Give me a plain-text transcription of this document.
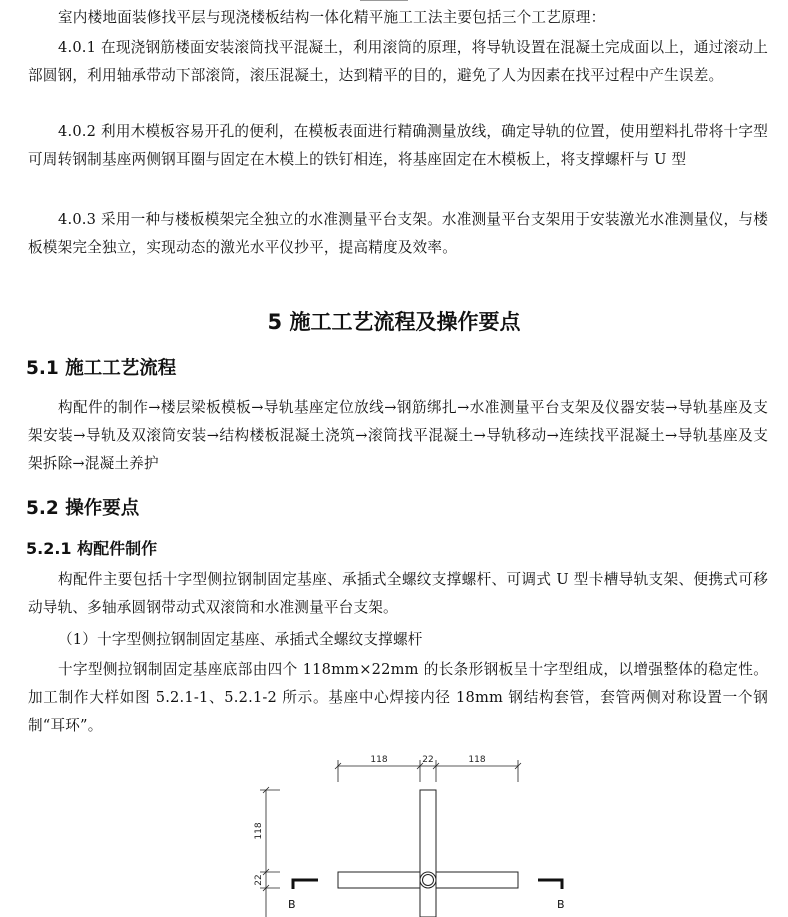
室内楼地面装修找平层与现浇楼板结构一体化精平施工工法主要包括三个工艺原理：

4.0.1 在现浇钢筋楼面安装滚筒找平混凝土，利用滚筒的原理，将导轨设置在混凝土完成面以上，通过滚动上部圆钢，利用轴承带动下部滚筒，滚压混凝土，达到精平的目的，避免了人为因素在找平过程中产生误差。

4.0.2 利用木模板容易开孔的便利，在模板表面进行精确测量放线，确定导轨的位置，使用塑料扎带将十字型可周转钢制基座两侧钢耳圈与固定在木模上的铁钉相连，将基座固定在木模板上，将支撑螺杆与 U 型

4.0.3 采用一种与楼板模架完全独立的水准测量平台支架。水准测量平台支架用于安装激光水准测量仪，与楼板模架完全独立，实现动态的激光水平仪抄平，提高精度及效率。

5 施工工艺流程及操作要点
5.1 施工工艺流程

构配件的制作→楼层梁板模板→导轨基座定位放线→钢筋绑扎→水准测量平台支架及仪器安装→导轨基座及支架安装→导轨及双滚筒安装→结构楼板混凝土浇筑→滚筒找平混凝土→导轨移动→连续找平混凝土→导轨基座及支架拆除→混凝土养护

5.2 操作要点
5.2.1 构配件制作

构配件主要包括十字型侧拉钢制固定基座、承插式全螺纹支撑螺杆、可调式 U 型卡槽导轨支架、便携式可移动导轨、多轴承圆钢带动式双滚筒和水准测量平台支架。

（1）十字型侧拉钢制固定基座、承插式全螺纹支撑螺杆

十字型侧拉钢制固定基座底部由四个 118mm×22mm 的长条形钢板呈十字型组成，以增强整体的稳定性。加工制作大样如图 5.2.1-1、5.2.1-2 所示。基座中心焊接内径 18mm 钢结构套管，套管两侧对称设置一个钢制“耳环”。

118	22	118
118
22
B	B
